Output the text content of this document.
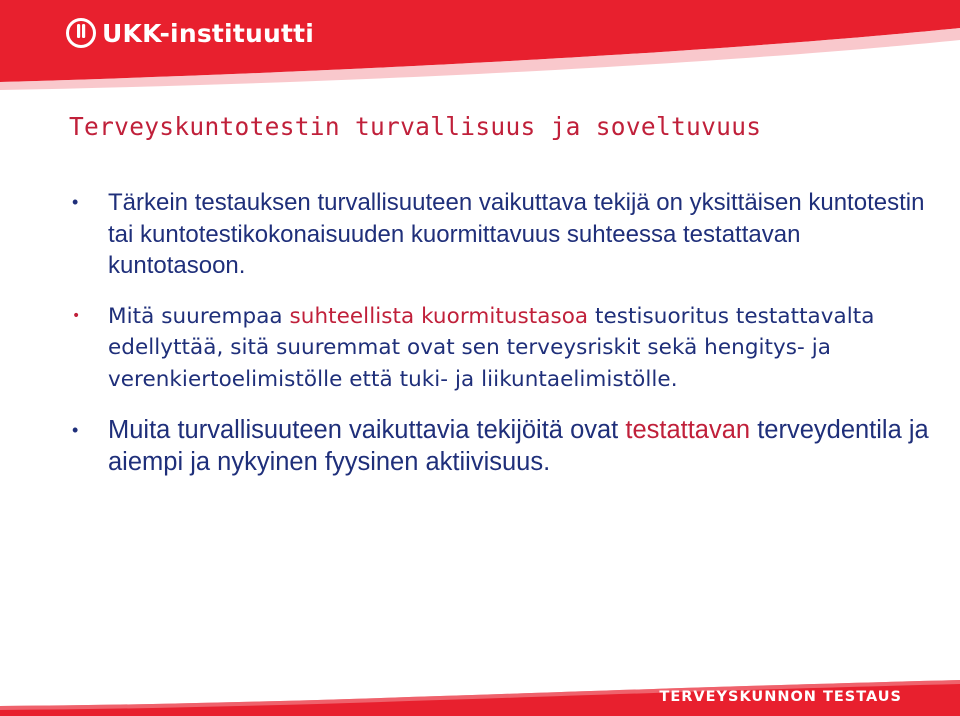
UKK-instituutti
Terveyskuntotestin turvallisuus ja soveltuvuus
• Tärkein testauksen turvallisuuteen vaikuttava tekijä on yksittäisen kuntotestin tai kuntotestikokonaisuuden kuormittavuus suhteessa testattavan kuntotasoon.
• Mitä suurempaa suhteellista kuormitustasoa testisuoritus testattavalta edellyttää, sitä suuremmat ovat sen terveysriskit sekä hengitys- ja verenkiertoelimistölle että tuki- ja liikuntaelimistölle.
• Muita turvallisuuteen vaikuttavia tekijöitä ovat testattavan terveydentila ja aiempi ja nykyinen fyysinen aktiivisuus.
TERVEYSKUNNON TESTAUS
